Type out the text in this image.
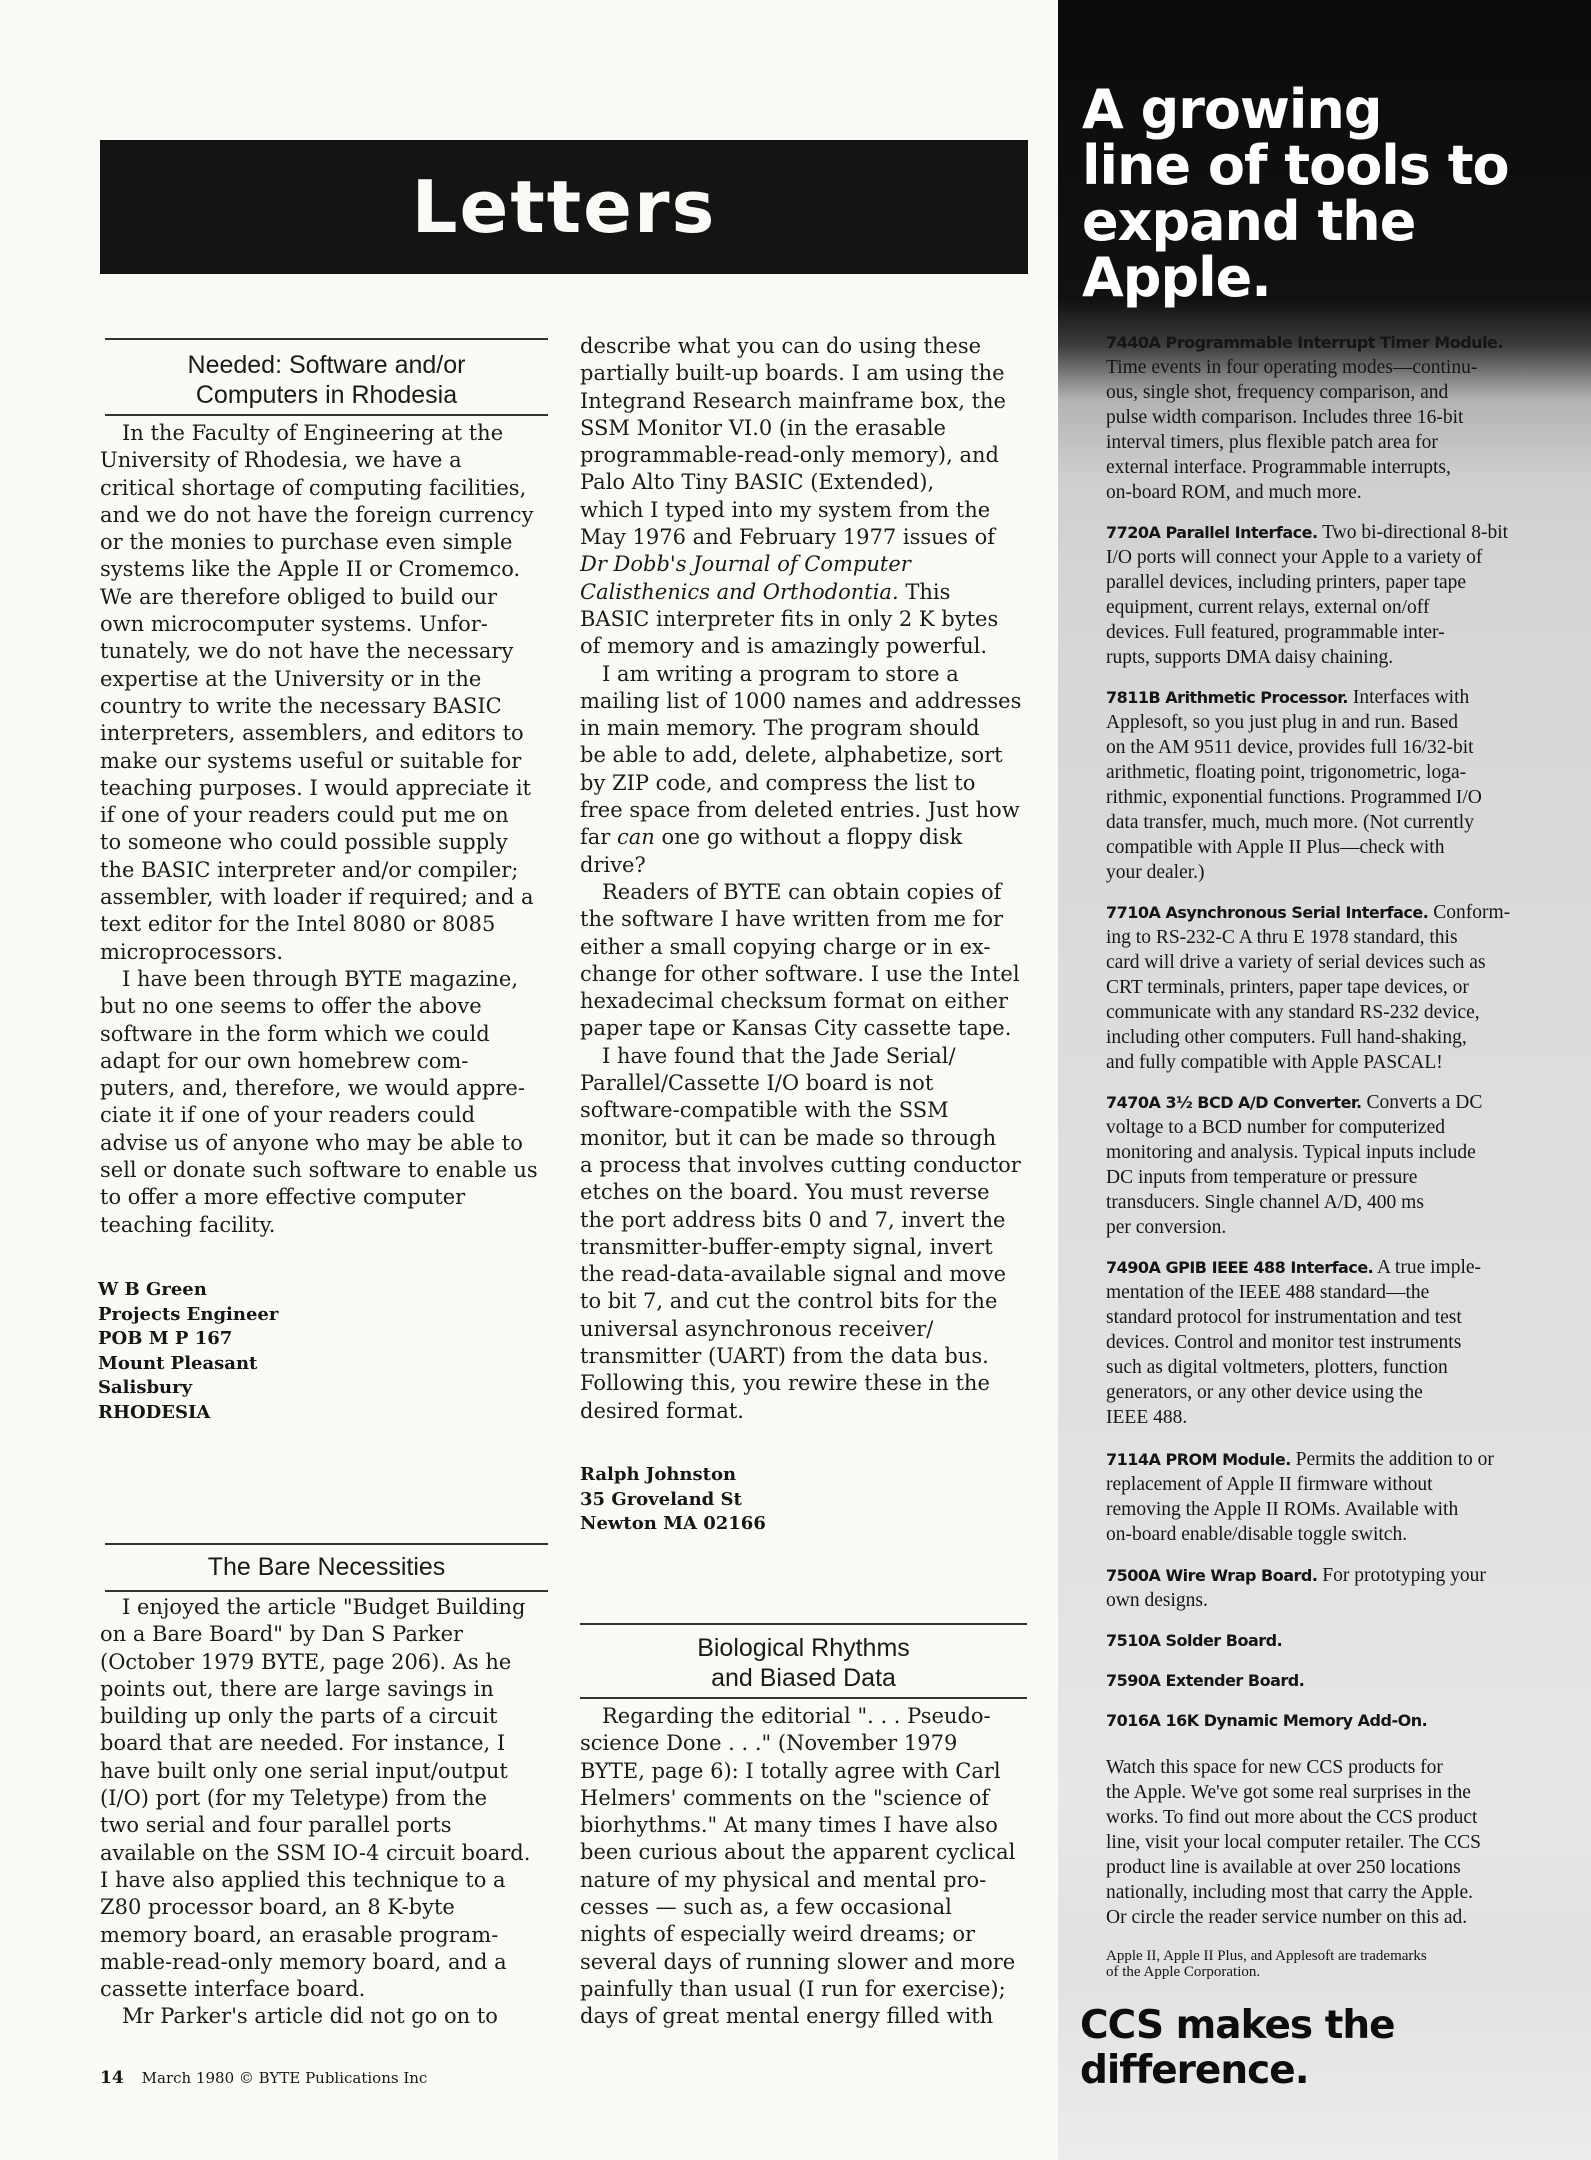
Letters
Needed: Software and/or
Computers in Rhodesia
In the Faculty of Engineering at the
University of Rhodesia, we have a
critical shortage of computing facilities,
and we do not have the foreign currency
or the monies to purchase even simple
systems like the Apple II or Cromemco.
We are therefore obliged to build our
own microcomputer systems. Unfor-
tunately, we do not have the necessary
expertise at the University or in the
country to write the necessary BASIC
interpreters, assemblers, and editors to
make our systems useful or suitable for
teaching purposes. I would appreciate it
if one of your readers could put me on
to someone who could possible supply
the BASIC interpreter and/or compiler;
assembler, with loader if required; and a
text editor for the Intel 8080 or 8085
microprocessors.
I have been through BYTE magazine,
but no one seems to offer the above
software in the form which we could
adapt for our own homebrew com-
puters, and, therefore, we would appre-
ciate it if one of your readers could
advise us of anyone who may be able to
sell or donate such software to enable us
to offer a more effective computer
teaching facility.
W B Green
Projects Engineer
POB M P 167
Mount Pleasant
Salisbury
RHODESIA
The Bare Necessities
I enjoyed the article "Budget Building
on a Bare Board" by Dan S Parker
(October 1979 BYTE, page 206). As he
points out, there are large savings in
building up only the parts of a circuit
board that are needed. For instance, I
have built only one serial input/output
(I/O) port (for my Teletype) from the
two serial and four parallel ports
available on the SSM IO-4 circuit board.
I have also applied this technique to a
Z80 processor board, an 8 K-byte
memory board, an erasable program-
mable-read-only memory board, and a
cassette interface board.
Mr Parker's article did not go on to
describe what you can do using these
partially built-up boards. I am using the
Integrand Research mainframe box, the
SSM Monitor VI.0 (in the erasable
programmable-read-only memory), and
Palo Alto Tiny BASIC (Extended),
which I typed into my system from the
May 1976 and February 1977 issues of
Dr Dobb's Journal of Computer
Calisthenics and Orthodontia. This
BASIC interpreter fits in only 2 K bytes
of memory and is amazingly powerful.
I am writing a program to store a
mailing list of 1000 names and addresses
in main memory. The program should
be able to add, delete, alphabetize, sort
by ZIP code, and compress the list to
free space from deleted entries. Just how
far can one go without a floppy disk
drive?
Readers of BYTE can obtain copies of
the software I have written from me for
either a small copying charge or in ex-
change for other software. I use the Intel
hexadecimal checksum format on either
paper tape or Kansas City cassette tape.
I have found that the Jade Serial/
Parallel/Cassette I/O board is not
software-compatible with the SSM
monitor, but it can be made so through
a process that involves cutting conductor
etches on the board. You must reverse
the port address bits 0 and 7, invert the
transmitter-buffer-empty signal, invert
the read-data-available signal and move
to bit 7, and cut the control bits for the
universal asynchronous receiver/
transmitter (UART) from the data bus.
Following this, you rewire these in the
desired format.
Ralph Johnston
35 Groveland St
Newton MA 02166
Biological Rhythms
and Biased Data
Regarding the editorial ". . . Pseudo-
science Done . . ." (November 1979
BYTE, page 6): I totally agree with Carl
Helmers' comments on the "science of
biorhythms." At many times I have also
been curious about the apparent cyclical
nature of my physical and mental pro-
cesses — such as, a few occasional
nights of especially weird dreams; or
several days of running slower and more
painfully than usual (I run for exercise);
days of great mental energy filled with
14 March 1980 © BYTE Publications Inc
A growing
line of tools to
expand the Apple.
7440A Programmable Interrupt Timer Module.
Time events in four operating modes—continu-
ous, single shot, frequency comparison, and
pulse width comparison. Includes three 16-bit
interval timers, plus flexible patch area for
external interface. Programmable interrupts,
on-board ROM, and much more.
7720A Parallel Interface. Two bi-directional 8-bit
I/O ports will connect your Apple to a variety of
parallel devices, including printers, paper tape
equipment, current relays, external on/off
devices. Full featured, programmable inter-
rupts, supports DMA daisy chaining.
7811B Arithmetic Processor. Interfaces with
Applesoft, so you just plug in and run. Based
on the AM 9511 device, provides full 16/32-bit
arithmetic, floating point, trigonometric, loga-
rithmic, exponential functions. Programmed I/O
data transfer, much, much more. (Not currently
compatible with Apple II Plus—check with
your dealer.)
7710A Asynchronous Serial Interface. Conform-
ing to RS-232-C A thru E 1978 standard, this
card will drive a variety of serial devices such as
CRT terminals, printers, paper tape devices, or
communicate with any standard RS-232 device,
including other computers. Full hand-shaking,
and fully compatible with Apple PASCAL!
7470A 3½ BCD A/D Converter. Converts a DC
voltage to a BCD number for computerized
monitoring and analysis. Typical inputs include
DC inputs from temperature or pressure
transducers. Single channel A/D, 400 ms
per conversion.
7490A GPIB IEEE 488 Interface. A true imple-
mentation of the IEEE 488 standard—the
standard protocol for instrumentation and test
devices. Control and monitor test instruments
such as digital voltmeters, plotters, function
generators, or any other device using the
IEEE 488.
7114A PROM Module. Permits the addition to or
replacement of Apple II firmware without
removing the Apple II ROMs. Available with
on-board enable/disable toggle switch.
7500A Wire Wrap Board. For prototyping your
own designs.
7510A Solder Board.
7590A Extender Board.
7016A 16K Dynamic Memory Add-On.
Watch this space for new CCS products for
the Apple. We've got some real surprises in the
works. To find out more about the CCS product
line, visit your local computer retailer. The CCS
product line is available at over 250 locations
nationally, including most that carry the Apple.
Or circle the reader service number on this ad.
Apple II, Apple II Plus, and Applesoft are trademarks
of the Apple Corporation.
CCS makes the difference.
